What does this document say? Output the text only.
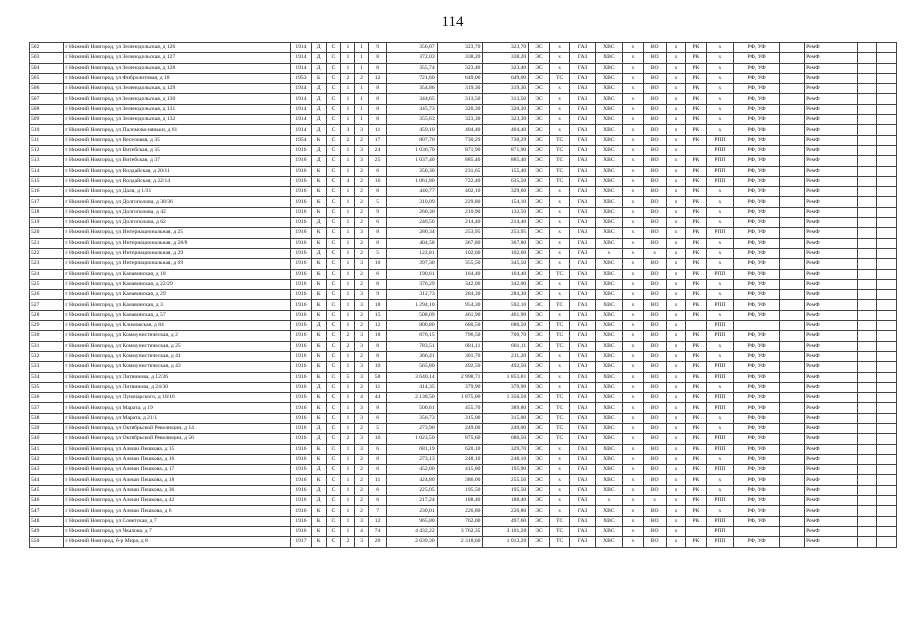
114
502	г Нижний Новгород, ул Зеленодольская, д 126	1914	Д	С	1	1	9	356,07	323,70	323,70	ЭС	х	ГАЗ	ХВС	х	ВО	х	РК	х	РФ, УФ		РемФ		
503	г Нижний Новгород, ул Зеленодольская, д 127	1914	Д	С	1	1	8	372,03	338,20	338,20	ЭС	х	ГАЗ	ХВС	х	ВО	х	РК	х	РФ, УФ		РемФ		
504	г Нижний Новгород, ул Зеленодольская, д 128	1914	Д	С	1	1	8	355,74	323,40	323,40	ЭС	х	ГАЗ	ХВС	х	ВО	х	РК	х	РФ, УФ		РемФ		
505	г Нижний Новгород, ул Фибролитовая, д 18	1953	Б	С	2	2	12	721,60	649,00	649,00	ЭС	ТС	ГАЗ	ХВС	х	ВО	х	РК	х	РФ, УФ		РемФ		
506	г Нижний Новгород, ул Зеленодольская, д 129	1914	Д	С	1	1	8	354,86	319,30	319,30	ЭС	х	ГАЗ	ХВС	х	ВО	х	РК	х	РФ, УФ		РемФ		
507	г Нижний Новгород, ул Зеленодольская, д 130	1914	Д	С	1	1	8	344,65	313,50	313,50	ЭС	х	ГАЗ	ХВС	х	ВО	х	РК	х	РФ, УФ		РемФ		
508	г Нижний Новгород, ул Зеленодольская, д 131	1914	Д	С	1	1	8	345,73	320,30	320,30	ЭС	х	ГАЗ	ХВС	х	ВО	х	РК	х	РФ, УФ		РемФ		
509	г Нижний Новгород, ул Зеленодольская, д 132	1914	Д	С	1	1	8	355,63	323,30	323,30	ЭС	х	ГАЗ	ХВС	х	ВО	х	РК	х	РФ, УФ		РемФ		
510	г Нижний Новгород, ул Паломова-няньки, д 61	1914	Д	С	3	3	11	459,10	404,40	404,40	ЭС	х	ГАЗ	ХВС	х	ВО	х	РК	х	РФ, УФ		РемФ		
511	г Нижний Новгород, ул Веселовая, д 35	1954	К	С	2	2	17	807,70	730,29	730,29	ЭС	ТС	ГАЗ	ХВС	х	ВО	х	РК	РПП	РФ, УФ		РемФ		
512	г Нижний Новгород, ул Витебская, д 35	1916	Д	С	1	3	24	1 036,70	871,90	871,90	ЭС	ТС	ГАЗ	ХВС	х	ВО	х		РПП	РФ, УФ		РемФ		
513	г Нижний Новгород, ул Витебская, д 37	1916	Д	С	1	3	25	1 037,40	885,40	885,40	ЭС	ТС	ГАЗ	ХВС	х	ВО	х	РК	РПП	РФ, УФ		РемФ		
514	г Нижний Новгород, ул Волдайская, д 20/11	1916	К	С	1	2	6	350,30	231,65	155,40	ЭС	ТС	ГАЗ	ХВС	х	ВО	х	РК	РПП	РФ, УФ		РемФ		
515	г Нижний Новгород, ул Волдайская, д 22/14	1916	К	С	4	2	16	1 061,80	722,40	635,50	ЭС	ТС	ГАЗ	ХВС	х	ВО	х	РК	РПП	РФ, УФ		РемФ		
516	г Нижний Новгород, ул Даля, д 1/31	1916	К	С	1	2	8	440,77	402,10	329,60	ЭС	х	ГАЗ	ХВС	х	ВО	х	РК	х	РФ, УФ		РемФ		
517	г Нижний Новгород, ул Долгополова, д 38/36	1916	К	С	1	2	5	310,09	229,80	154,10	ЭС	х	ГАЗ	ХВС	х	ВО	х	РК	х	РФ, УФ		РемФ		
518	г Нижний Новгород, ул Долгополова, д 42	1916	К	С	1	2	9	260,30	210,90	132,50	ЭС	х	ГАЗ	ХВС	х	ВО	х	РК	х	РФ, УФ		РемФ		
519	г Нижний Новгород, ул Долгополова, д 62	1916	Д	С	1	2	6	246,56	214,40	214,40	ЭС	х	ГАЗ	ХВС	х	ВО	х	РК	х	РФ, УФ		РемФ		
520	г Нижний Новгород, ул Интернациональная, д 25	1916	К	С	1	3	8	280,34	253,95	253,95	ЭС	х	ГАЗ	ХВС	х	ВО	х	РК	РПП	РФ, УФ		РемФ		
521	г Нижний Новгород, ул Интернациональная, д 28/8	1916	К	С	1	2	8	404,58	367,80	367,80	ЭС	х	ГАЗ	ХВС	х	ВО	х	РК	х	РФ, УФ		РемФ		
522	г Нижний Новгород, ул Интернациональная, д 29	1916	Д	С	1	2	5	122,81	102,60	102,60	ЭС	х	ГАЗ	х	х	х	х	РК	х	РФ, УФ		РемФ		
523	г Нижний Новгород, ул Интернациональная, д 69	1916	К	С	1	3	10	397,30	355,50	345,50	ЭС	х	ГАЗ	ХВС	х	ВО	х	РК	х	РФ, УФ		РемФ		
524	г Нижний Новгород, ул Канавинская, д 18	1916	К	С	1	2	6	190,61	164,40	164,40	ЭС	ТС	ГАЗ	ХВС	х	ВО	х	РК	РПП	РФ, УФ		РемФ		
525	г Нижний Новгород, ул Канавинская, д 22/29	1916	К	С	1	2	8	376,29	342,00	342,00	ЭС	х	ГАЗ	ХВС	х	ВО	х	РК	х	РФ, УФ		РемФ		
526	г Нижний Новгород, ул Канавинская, д 29	1916	К	С	1	3	9	312,73	284,30	284,30	ЭС	х	ГАЗ	ХВС	х	ВО	х	РК	х	РФ, УФ		РемФ		
527	г Нижний Новгород, ул Канавинская, д 3	1916	К	С	1	3	18	1 294,10	954,30	592,10	ЭС	ТС	ГАЗ	ХВС	х	ВО	х	РК	РПП	РФ, УФ		РемФ		
528	г Нижний Новгород, ул Канавинская, д 57	1916	К	С	1	2	15	508,09	461,90	461,90	ЭС	х	ГАЗ	ХВС	х	ВО	х	РК	х	РФ, УФ		РемФ		
529	г Нижний Новгород, ул Климовская, д 84	1916	Д	С	1	2	12	800,80	680,50	680,50	ЭС	ТС	ГАЗ	ХВС	х	ВО	х		РПП			РемФ		
530	г Нижний Новгород, ул Коммунистическая, д 2	1916	К	С	2	3	18	876,15	796,50	700,70	ЭС	ТС	ГАЗ	ХВС	х	ВО	х	РК	РПП	РФ, УФ		РемФ		
531	г Нижний Новгород, ул Коммунистическая, д 25	1916	К	С	2	3	8	783,51	681,11	681,11	ЭС	ТС	ГАЗ	ХВС	х	ВО	х	РК	х	РФ, УФ		РемФ		
532	г Нижний Новгород, ул Коммунистическая, д 41	1916	К	С	1	2	8	366,41	301,70	211,20	ЭС	х	ГАЗ	ХВС	х	ВО	х	РК	х	РФ, УФ		РемФ		
533	г Нижний Новгород, ул Коммунистическая, д 43	1916	К	С	1	3	10	565,80	492,50	492,50	ЭС	х	ГАЗ	ХВС	х	ВО	х	РК	РПП	РФ, УФ		РемФ		
534	г Нижний Новгород, ул Литвинова, д 12/26	1916	К	С	5	3	58	3 640,14	2 998,71	1 853,81	ЭС	х	ГАЗ	ХВС	х	ВО	х	РК	РПП	РФ, УФ		РемФ		
535	г Нижний Новгород, ул Литвинова, д 24/30	1916	Д	С	1	2	11	414,35	379,90	379,90	ЭС	х	ГАЗ	ХВС	х	ВО	х	РК	х	РФ, УФ		РемФ		
536	г Нижний Новгород, ул Луначарского, д 10/16	1916	К	С	1	4	44	2 138,50	1 875,00	1 356,50	ЭС	ТС	ГАЗ	ХВС	х	ВО	х	РК	РПП	РФ, УФ		РемФ		
537	г Нижний Новгород, ул Марата, д 19	1916	К	С	1	3	8	500,61	455,70	389,80	ЭС	ТС	ГАЗ	ХВС	х	ВО	х	РК	РПП	РФ, УФ		РемФ		
538	г Нижний Новгород, ул Марата, д 21/1	1916	К	С	1	3	6	356,73	315,00	315,00	ЭС	ТС	ГАЗ	ХВС	х	ВО	х	РК	х	РФ, УФ		РемФ		
539	г Нижний Новгород, ул Октябрьской Революции, д 14	1916	Д	С	1	2	5	273,90	249,00	249,00	ЭС	ТС	ГАЗ	ХВС	х	ВО	х	РК	х	РФ, УФ		РемФ		
540	г Нижний Новгород, ул Октябрьской Революции, д 56	1916	Д	С	2	3	16	1 023,50	875,60	680,50	ЭС	ТС	ГАЗ	ХВС	х	ВО	х	РК	РПП	РФ, УФ		РемФ		
541	г Нижний Новгород, ул Алеши Пешкова, д 15	1916	К	С	1	3	6	681,19	620,10	329,70	ЭС	х	ГАЗ	ХВС	х	ВО	х	РК	РПП	РФ, УФ		РемФ		
542	г Нижний Новгород, ул Алеши Пешкова, д 16	1916	К	С	1	2	8	273,13	248,10	248,10	ЭС	х	ГАЗ	ХВС	х	ВО	х	РК	х	РФ, УФ		РемФ		
543	г Нижний Новгород, ул Алеши Пешкова, д 17	1916	Д	С	1	2	6	452,00	415,80	195,90	ЭС	х	ГАЗ	ХВС	х	ВО	х	РК	РПП	РФ, УФ		РемФ		
544	г Нижний Новгород, ул Алеши Пешкова, д 18	1916	К	С	1	2	11	424,80	386,00	255,50	ЭС	х	ГАЗ	ХВС	х	ВО	х	РК	х	РФ, УФ		РемФ		
545	г Нижний Новгород, ул Алеши Пешкова, д 36	1916	Д	С	1	2	6	225,05	195,50	195,50	ЭС	х	ГАЗ	ХВС	х	ВО	х	РК	х	РФ, УФ		РемФ		
546	г Нижний Новгород, ул Алеши Пешкова, д 42	1916	Д	С	1	2	6	217,24	188,40	188,40	ЭС	х	ГАЗ	х	х	х	х	РК	РПП	РФ, УФ		РемФ		
547	г Нижний Новгород, ул Алеши Пешкова, д 6	1916	К	С	1	2	7	230,01	226,80	226,80	ЭС	х	ГАЗ	ХВС	х	ВО	х	РК	х	РФ, УФ		РемФ		
548	г Нижний Новгород, ул Советская, д 7	1916	К	С	1	3	12	965,80	762,00	497,60	ЭС	ТС	ГАЗ	ХВС	х	ВО	х	РК	РПП	РФ, УФ		РемФ		
549	г Нижний Новгород, ул Чкалова, д 7	1916	К	С	1	4	74	4 432,22	3 762,35	3 101,20	ЭС	ТС	ГАЗ	ХВС	х	ВО	х		РПП			РемФ		
550	г Нижний Новгород, б-р Мира, д 8	1917	К	С	2	3	20	2 639,30	2 318,60	1 013,20	ЭС	ТС	ГАЗ	ХВС	х	ВО	х	РК	РПП	РФ, УФ		РемФ		
